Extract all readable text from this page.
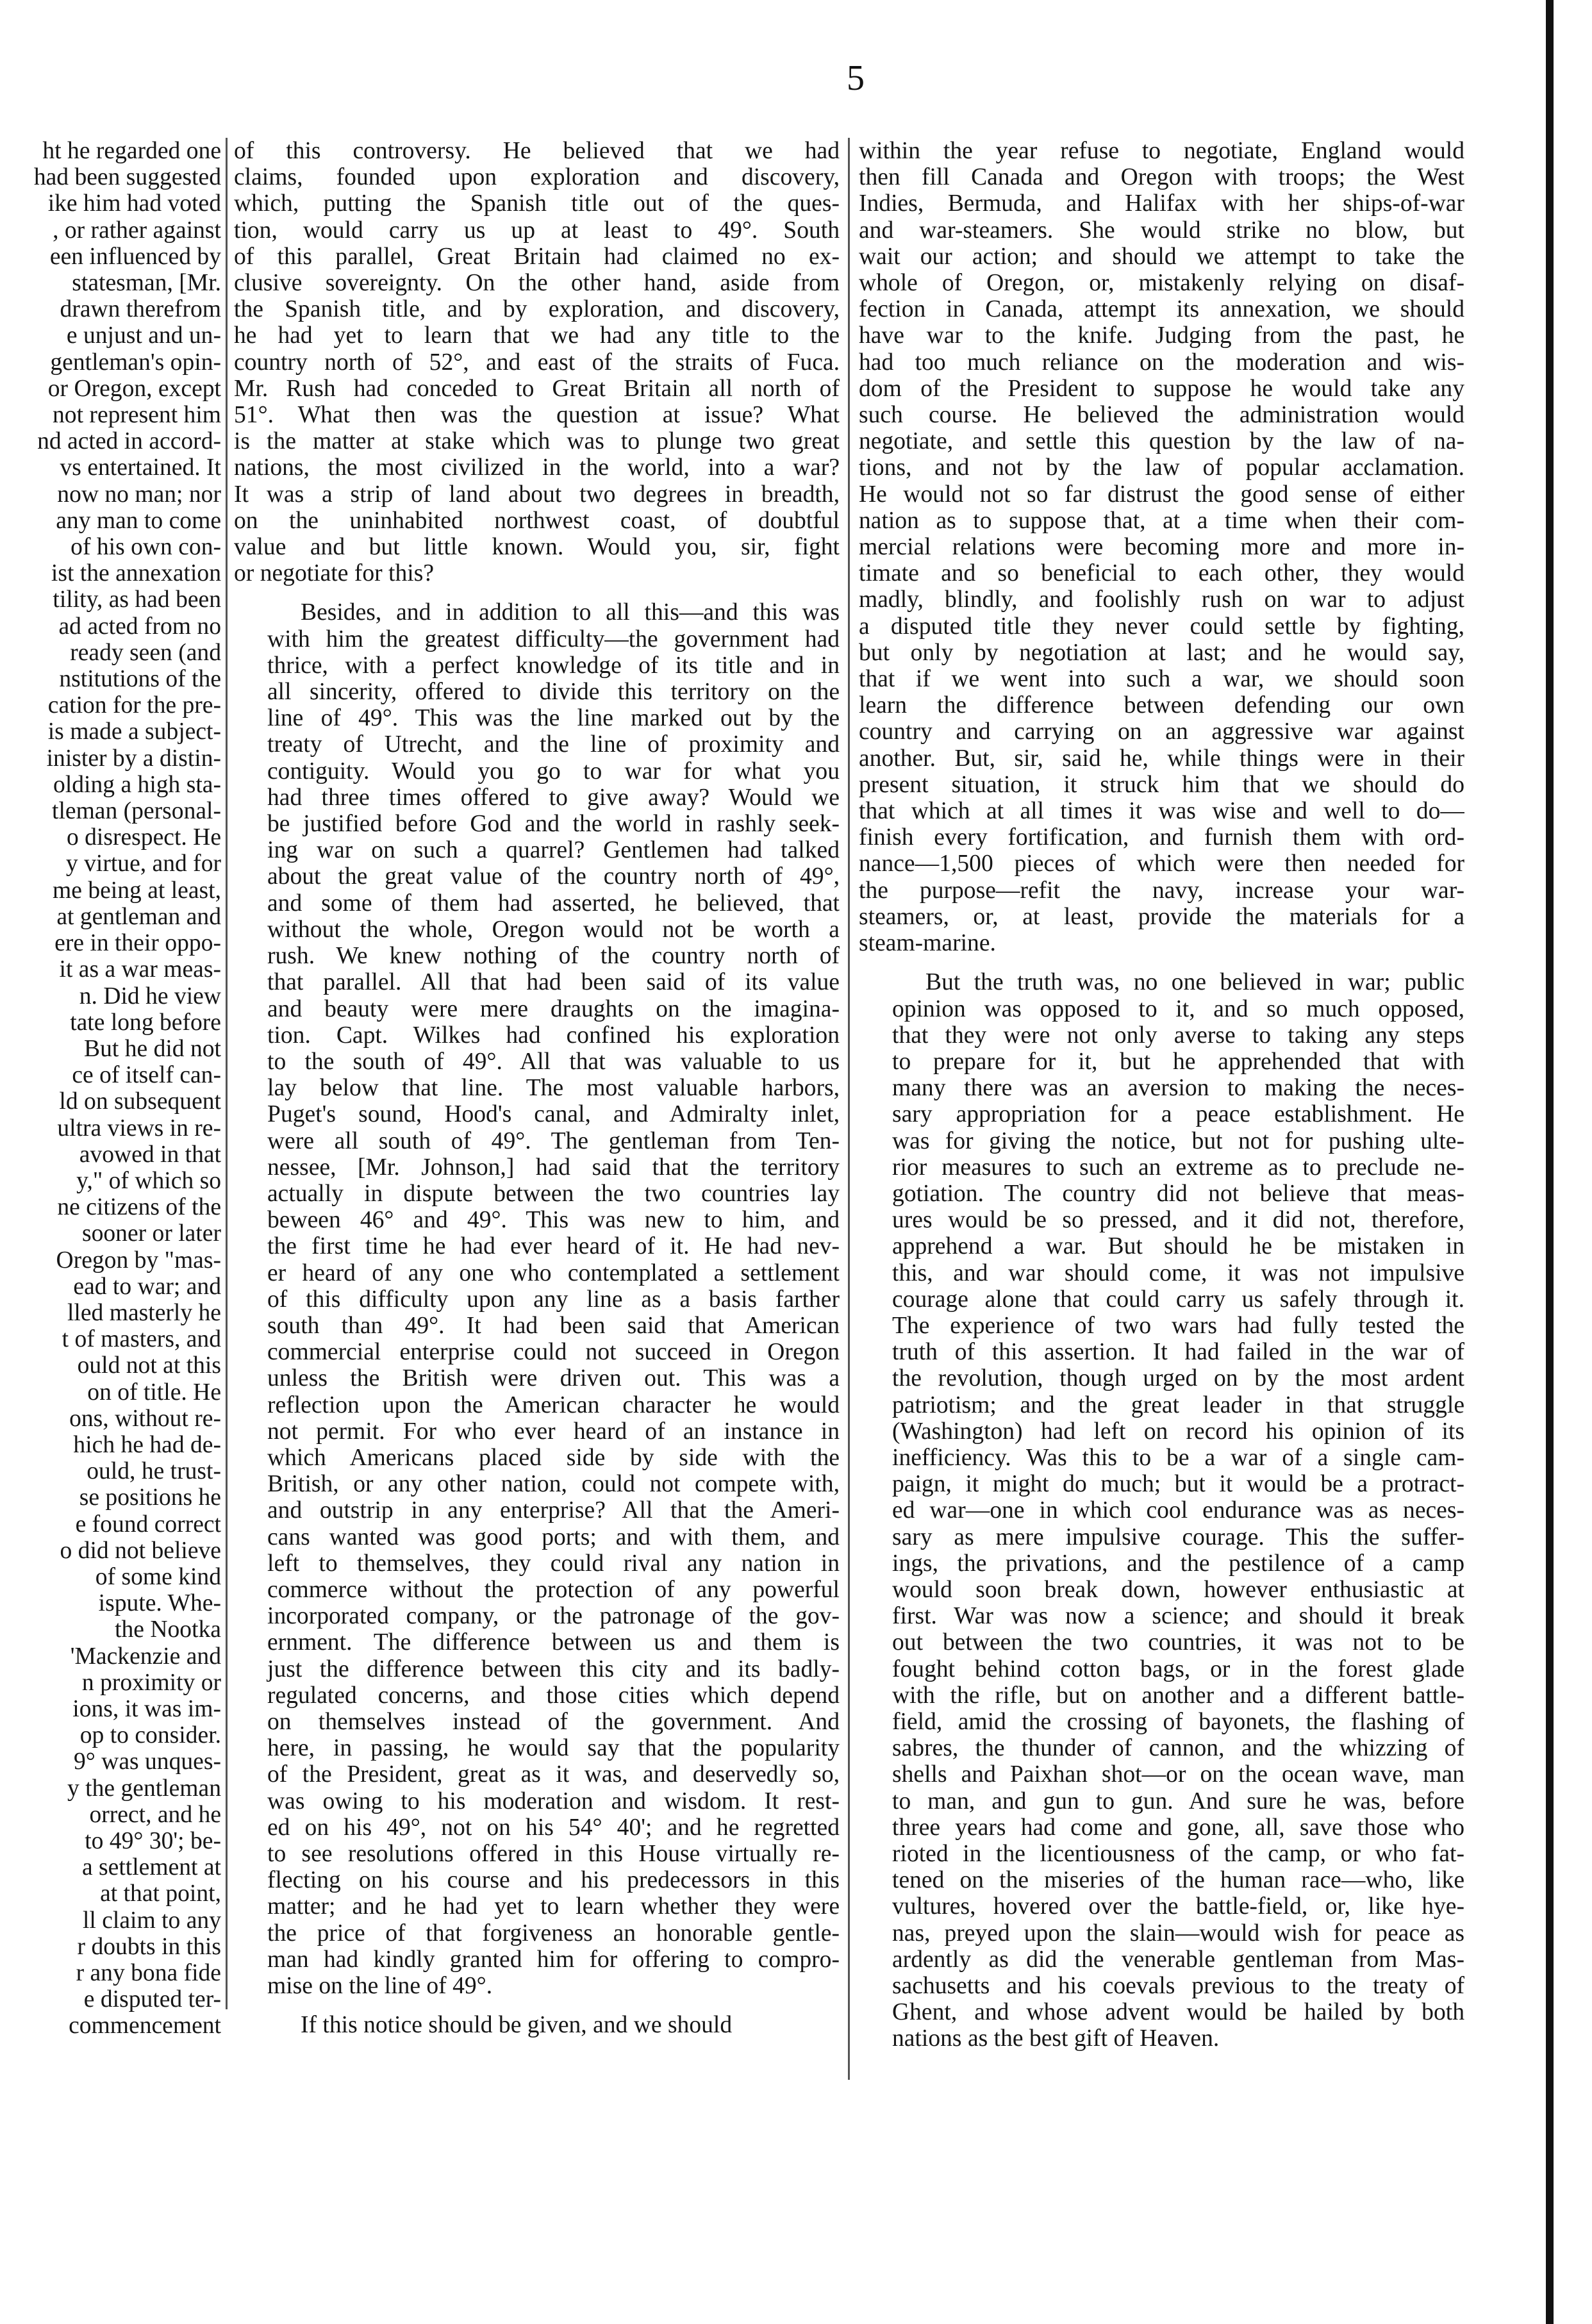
5
ht he regarded one
had been suggested
ike him had voted
, or rather against
een influenced by
statesman, [Mr.
drawn therefrom
e unjust and un-
gentleman's opin-
or Oregon, except
not represent him
nd acted in accord-
vs entertained. It
now no man; nor
any man to come
of his own con-
ist the annexation
tility, as had been
ad acted from no
ready seen (and
nstitutions of the
cation for the pre-
is made a subject-
inister by a distin-
olding a high sta-
tleman (personal-
o disrespect. He
y virtue, and for
me being at least,
at gentleman and
ere in their oppo-
it as a war meas-
n. Did he view
tate long before
But he did not
ce of itself can-
ld on subsequent
ultra views in re-
avowed in that
y," of which so
ne citizens of the
sooner or later
Oregon by "mas-
ead to war; and
lled masterly he
t of masters, and
ould not at this
on of title. He
ons, without re-
hich he had de-
ould, he trust-
se positions he
e found correct
o did not believe
of some kind
ispute. Whe-
the Nootka
'Mackenzie and
n proximity or
ions, it was im-
op to consider.
9° was unques-
y the gentleman
orrect, and he
to 49° 30'; be-
a settlement at
at that point,
ll claim to any
r doubts in this
r any bona fide
e disputed ter-
commencement
of this controversy. He believed that we had
claims, founded upon exploration and discovery,
which, putting the Spanish title out of the ques-
tion, would carry us up at least to 49°. South
of this parallel, Great Britain had claimed no ex-
clusive sovereignty. On the other hand, aside from
the Spanish title, and by exploration, and discovery,
he had yet to learn that we had any title to the
country north of 52°, and east of the straits of Fuca.
Mr. Rush had conceded to Great Britain all north of
51°. What then was the question at issue? What
is the matter at stake which was to plunge two great
nations, the most civilized in the world, into a war?
It was a strip of land about two degrees in breadth,
on the uninhabited northwest coast, of doubtful
value and but little known. Would you, sir, fight
or negotiate for this?
Besides, and in addition to all this—and this was
with him the greatest difficulty—the government had
thrice, with a perfect knowledge of its title and in
all sincerity, offered to divide this territory on the
line of 49°. This was the line marked out by the
treaty of Utrecht, and the line of proximity and
contiguity. Would you go to war for what you
had three times offered to give away? Would we
be justified before God and the world in rashly seek-
ing war on such a quarrel? Gentlemen had talked
about the great value of the country north of 49°,
and some of them had asserted, he believed, that
without the whole, Oregon would not be worth a
rush. We knew nothing of the country north of
that parallel. All that had been said of its value
and beauty were mere draughts on the imagina-
tion. Capt. Wilkes had confined his exploration
to the south of 49°. All that was valuable to us
lay below that line. The most valuable harbors,
Puget's sound, Hood's canal, and Admiralty inlet,
were all south of 49°. The gentleman from Ten-
nessee, [Mr. Johnson,] had said that the territory
actually in dispute between the two countries lay
beween 46° and 49°. This was new to him, and
the first time he had ever heard of it. He had nev-
er heard of any one who contemplated a settlement
of this difficulty upon any line as a basis farther
south than 49°. It had been said that American
commercial enterprise could not succeed in Oregon
unless the British were driven out. This was a
reflection upon the American character he would
not permit. For who ever heard of an instance in
which Americans placed side by side with the
British, or any other nation, could not compete with,
and outstrip in any enterprise? All that the Ameri-
cans wanted was good ports; and with them, and
left to themselves, they could rival any nation in
commerce without the protection of any powerful
incorporated company, or the patronage of the gov-
ernment. The difference between us and them is
just the difference between this city and its badly-
regulated concerns, and those cities which depend
on themselves instead of the government. And
here, in passing, he would say that the popularity
of the President, great as it was, and deservedly so,
was owing to his moderation and wisdom. It rest-
ed on his 49°, not on his 54° 40'; and he regretted
to see resolutions offered in this House virtually re-
flecting on his course and his predecessors in this
matter; and he had yet to learn whether they were
the price of that forgiveness an honorable gentle-
man had kindly granted him for offering to compro-
mise on the line of 49°.
If this notice should be given, and we should
within the year refuse to negotiate, England would
then fill Canada and Oregon with troops; the West
Indies, Bermuda, and Halifax with her ships-of-war
and war-steamers. She would strike no blow, but
wait our action; and should we attempt to take the
whole of Oregon, or, mistakenly relying on disaf-
fection in Canada, attempt its annexation, we should
have war to the knife. Judging from the past, he
had too much reliance on the moderation and wis-
dom of the President to suppose he would take any
such course. He believed the administration would
negotiate, and settle this question by the law of na-
tions, and not by the law of popular acclamation.
He would not so far distrust the good sense of either
nation as to suppose that, at a time when their com-
mercial relations were becoming more and more in-
timate and so beneficial to each other, they would
madly, blindly, and foolishly rush on war to adjust
a disputed title they never could settle by fighting,
but only by negotiation at last; and he would say,
that if we went into such a war, we should soon
learn the difference between defending our own
country and carrying on an aggressive war against
another. But, sir, said he, while things were in their
present situation, it struck him that we should do
that which at all times it was wise and well to do—
finish every fortification, and furnish them with ord-
nance—1,500 pieces of which were then needed for
the purpose—refit the navy, increase your war-
steamers, or, at least, provide the materials for a
steam-marine.
But the truth was, no one believed in war; public
opinion was opposed to it, and so much opposed,
that they were not only averse to taking any steps
to prepare for it, but he apprehended that with
many there was an aversion to making the neces-
sary appropriation for a peace establishment. He
was for giving the notice, but not for pushing ulte-
rior measures to such an extreme as to preclude ne-
gotiation. The country did not believe that meas-
ures would be so pressed, and it did not, therefore,
apprehend a war. But should he be mistaken in
this, and war should come, it was not impulsive
courage alone that could carry us safely through it.
The experience of two wars had fully tested the
truth of this assertion. It had failed in the war of
the revolution, though urged on by the most ardent
patriotism; and the great leader in that struggle
(Washington) had left on record his opinion of its
inefficiency. Was this to be a war of a single cam-
paign, it might do much; but it would be a protract-
ed war—one in which cool endurance was as neces-
sary as mere impulsive courage. This the suffer-
ings, the privations, and the pestilence of a camp
would soon break down, however enthusiastic at
first. War was now a science; and should it break
out between the two countries, it was not to be
fought behind cotton bags, or in the forest glade
with the rifle, but on another and a different battle-
field, amid the crossing of bayonets, the flashing of
sabres, the thunder of cannon, and the whizzing of
shells and Paixhan shot—or on the ocean wave, man
to man, and gun to gun. And sure he was, before
three years had come and gone, all, save those who
rioted in the licentiousness of the camp, or who fat-
tened on the miseries of the human race—who, like
vultures, hovered over the battle-field, or, like hye-
nas, preyed upon the slain—would wish for peace as
ardently as did the venerable gentleman from Mas-
sachusetts and his coevals previous to the treaty of
Ghent, and whose advent would be hailed by both
nations as the best gift of Heaven.
